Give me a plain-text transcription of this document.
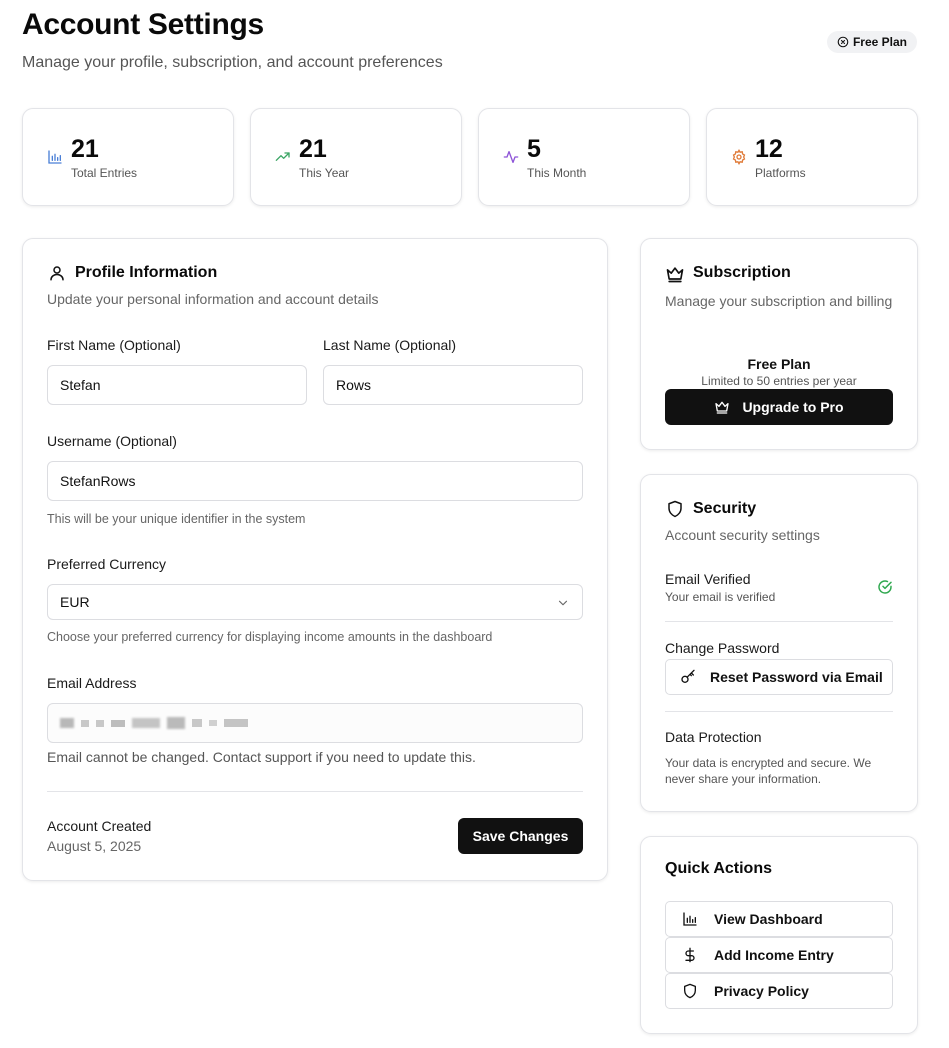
Account Settings
Manage your profile, subscription, and account preferences
Free Plan
21
Total Entries
21
This Year
5
This Month
12
Platforms
Profile Information
Update your personal information and account details
First Name (Optional)
Stefan
Last Name (Optional)
Rows
Username (Optional)
StefanRows
This will be your unique identifier in the system
Preferred Currency
EUR
Choose your preferred currency for displaying income amounts in the dashboard
Email Address
Email cannot be changed. Contact support if you need to update this.
Account Created
August 5, 2025
Save Changes
Subscription
Manage your subscription and billing
Free Plan
Limited to 50 entries per year
Upgrade to Pro
Security
Account security settings
Email Verified
Your email is verified
Change Password
Reset Password via Email
Data Protection
Your data is encrypted and secure. We never share your information.
Quick Actions
View Dashboard
Add Income Entry
Privacy Policy
